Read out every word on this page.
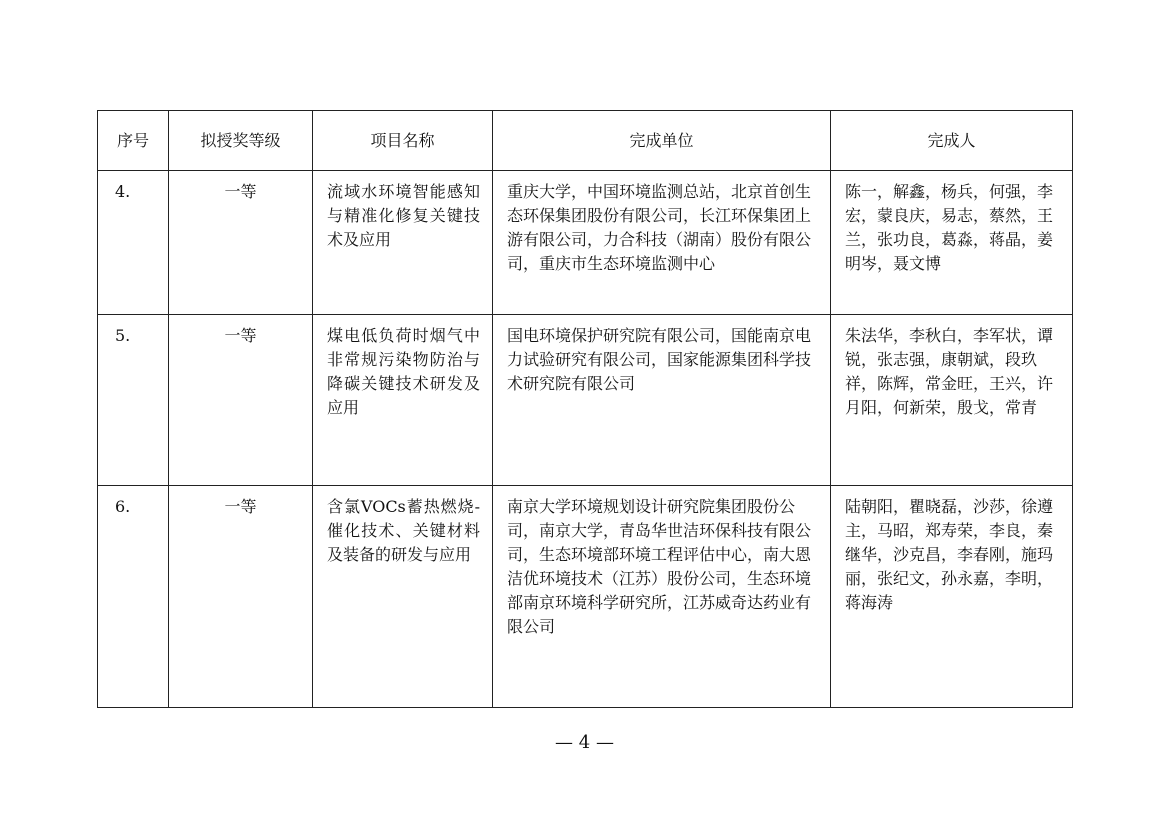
序号	拟授奖等级	项目名称	完成单位	完成人
4.	一等	流域水环境智能感知与精准化修复关键技术及应用	重庆大学，中国环境监测总站，北京首创生态环保集团股份有限公司，长江环保集团上游有限公司，力合科技（湖南）股份有限公司，重庆市生态环境监测中心	陈一，解鑫，杨兵，何强，李宏，蒙良庆，易志，蔡然，王兰，张功良，葛淼，蒋晶，姜明岑，聂文博
5.	一等	煤电低负荷时烟气中非常规污染物防治与降碳关键技术研发及应用	国电环境保护研究院有限公司，国能南京电力试验研究有限公司，国家能源集团科学技术研究院有限公司	朱法华，李秋白，李军状，谭锐，张志强，康朝斌，段玖祥，陈辉，常金旺，王兴，许月阳，何新荣，殷戈，常青
6.	一等	含氯VOCs蓄热燃烧-催化技术、关键材料及装备的研发与应用	南京大学环境规划设计研究院集团股份公司，南京大学，青岛华世洁环保科技有限公司，生态环境部环境工程评估中心，南大恩洁优环境技术（江苏）股份公司，生态环境部南京环境科学研究所，江苏威奇达药业有限公司	陆朝阳，瞿晓磊，沙莎，徐遵主，马昭，郑寿荣，李良，秦继华，沙克昌，李春刚，施玛丽，张纪文，孙永嘉，李明，蒋海涛
— 4 —
